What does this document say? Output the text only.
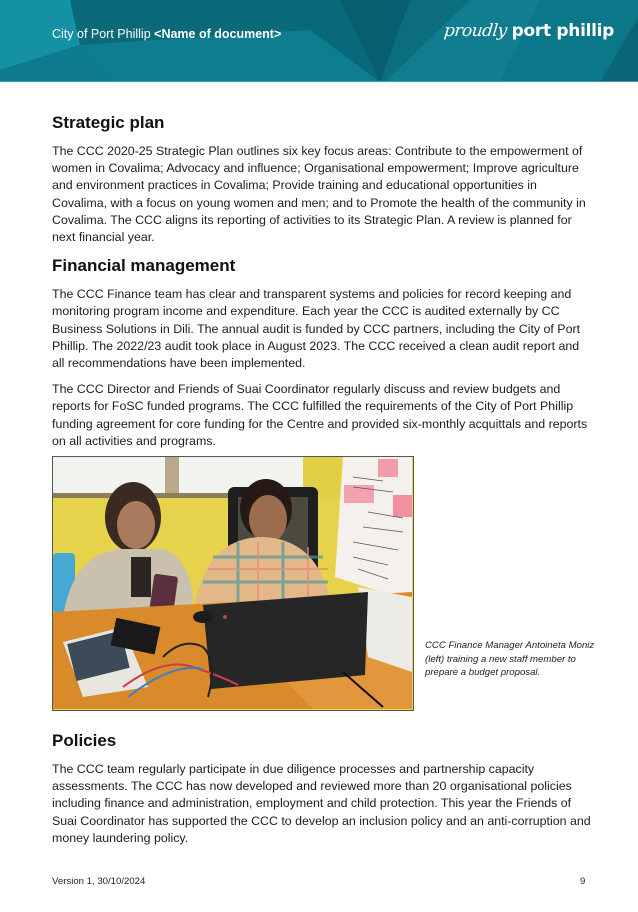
City of Port Phillip <Name of document>	proudly port phillip
Strategic plan

The CCC 2020-25 Strategic Plan outlines six key focus areas: Contribute to the empowerment of women in Covalima; Advocacy and influence; Organisational empowerment; Improve agriculture and environment practices in Covalima; Provide training and educational opportunities in Covalima, with a focus on young women and men; and to Promote the health of the community in Covalima. The CCC aligns its reporting of activities to its Strategic Plan. A review is planned for next financial year.

Financial management

The CCC Finance team has clear and transparent systems and policies for record keeping and monitoring program income and expenditure. Each year the CCC is audited externally by CC Business Solutions in Dili. The annual audit is funded by CCC partners, including the City of Port Phillip. The 2022/23 audit took place in August 2023. The CCC received a clean audit report and all recommendations have been implemented.

The CCC Director and Friends of Suai Coordinator regularly discuss and review budgets and reports for FoSC funded programs. The CCC fulfilled the requirements of the City of Port Phillip funding agreement for core funding for the Centre and provided six-monthly acquittals and reports on all activities and programs.

CCC Finance Manager Antoineta Moniz (left) training a new staff member to prepare a budget proposal.
Policies

The CCC team regularly participate in due diligence processes and partnership capacity assessments. The CCC has now developed and reviewed more than 20 organisational policies including finance and administration, employment and child protection. This year the Friends of Suai Coordinator has supported the CCC to develop an inclusion policy and an anti-corruption and money laundering policy.

Version 1, 30/10/2024	9
